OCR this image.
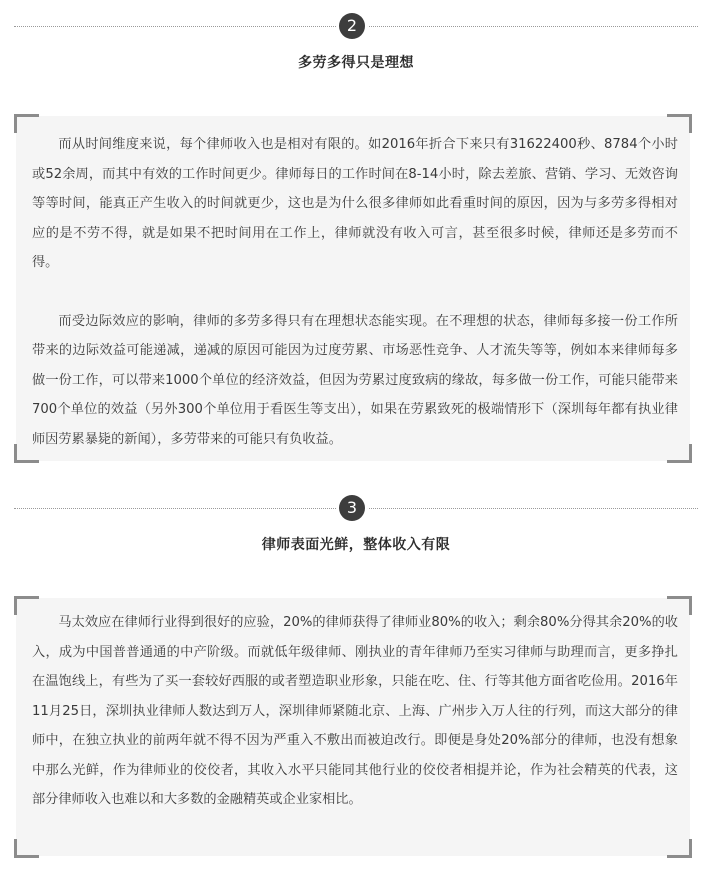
2
多劳多得只是理想

而从时间维度来说，每个律师收入也是相对有限的。如2016年折合下来只有31622400秒、8784个小时或52余周，而其中有效的工作时间更少。律师每日的工作时间在8-14小时，除去差旅、营销、学习、无效咨询等等时间，能真正产生收入的时间就更少，这也是为什么很多律师如此看重时间的原因，因为与多劳多得相对应的是不劳不得，就是如果不把时间用在工作上，律师就没有收入可言，甚至很多时候，律师还是多劳而不得。

而受边际效应的影响，律师的多劳多得只有在理想状态能实现。在不理想的状态，律师每多接一份工作所带来的边际效益可能递减，递减的原因可能因为过度劳累、市场恶性竞争、人才流失等等，例如本来律师每多做一份工作，可以带来1000个单位的经济效益，但因为劳累过度致病的缘故，每多做一份工作，可能只能带来700个单位的效益（另外300个单位用于看医生等支出），如果在劳累致死的极端情形下（深圳每年都有执业律师因劳累暴毙的新闻），多劳带来的可能只有负收益。

3
律师表面光鲜，整体收入有限

马太效应在律师行业得到很好的应验，20%的律师获得了律师业80%的收入；剩余80%分得其余20%的收入，成为中国普普通通的中产阶级。而就低年级律师、刚执业的青年律师乃至实习律师与助理而言，更多挣扎在温饱线上，有些为了买一套较好西服的或者塑造职业形象，只能在吃、住、行等其他方面省吃俭用。2016年11月25日，深圳执业律师人数达到万人，深圳律师紧随北京、上海、广州步入万人往的行列，而这大部分的律师中，在独立执业的前两年就不得不因为严重入不敷出而被迫改行。即便是身处20%部分的律师，也没有想象中那么光鲜，作为律师业的佼佼者，其收入水平只能同其他行业的佼佼者相提并论，作为社会精英的代表，这部分律师收入也难以和大多数的金融精英或企业家相比。
